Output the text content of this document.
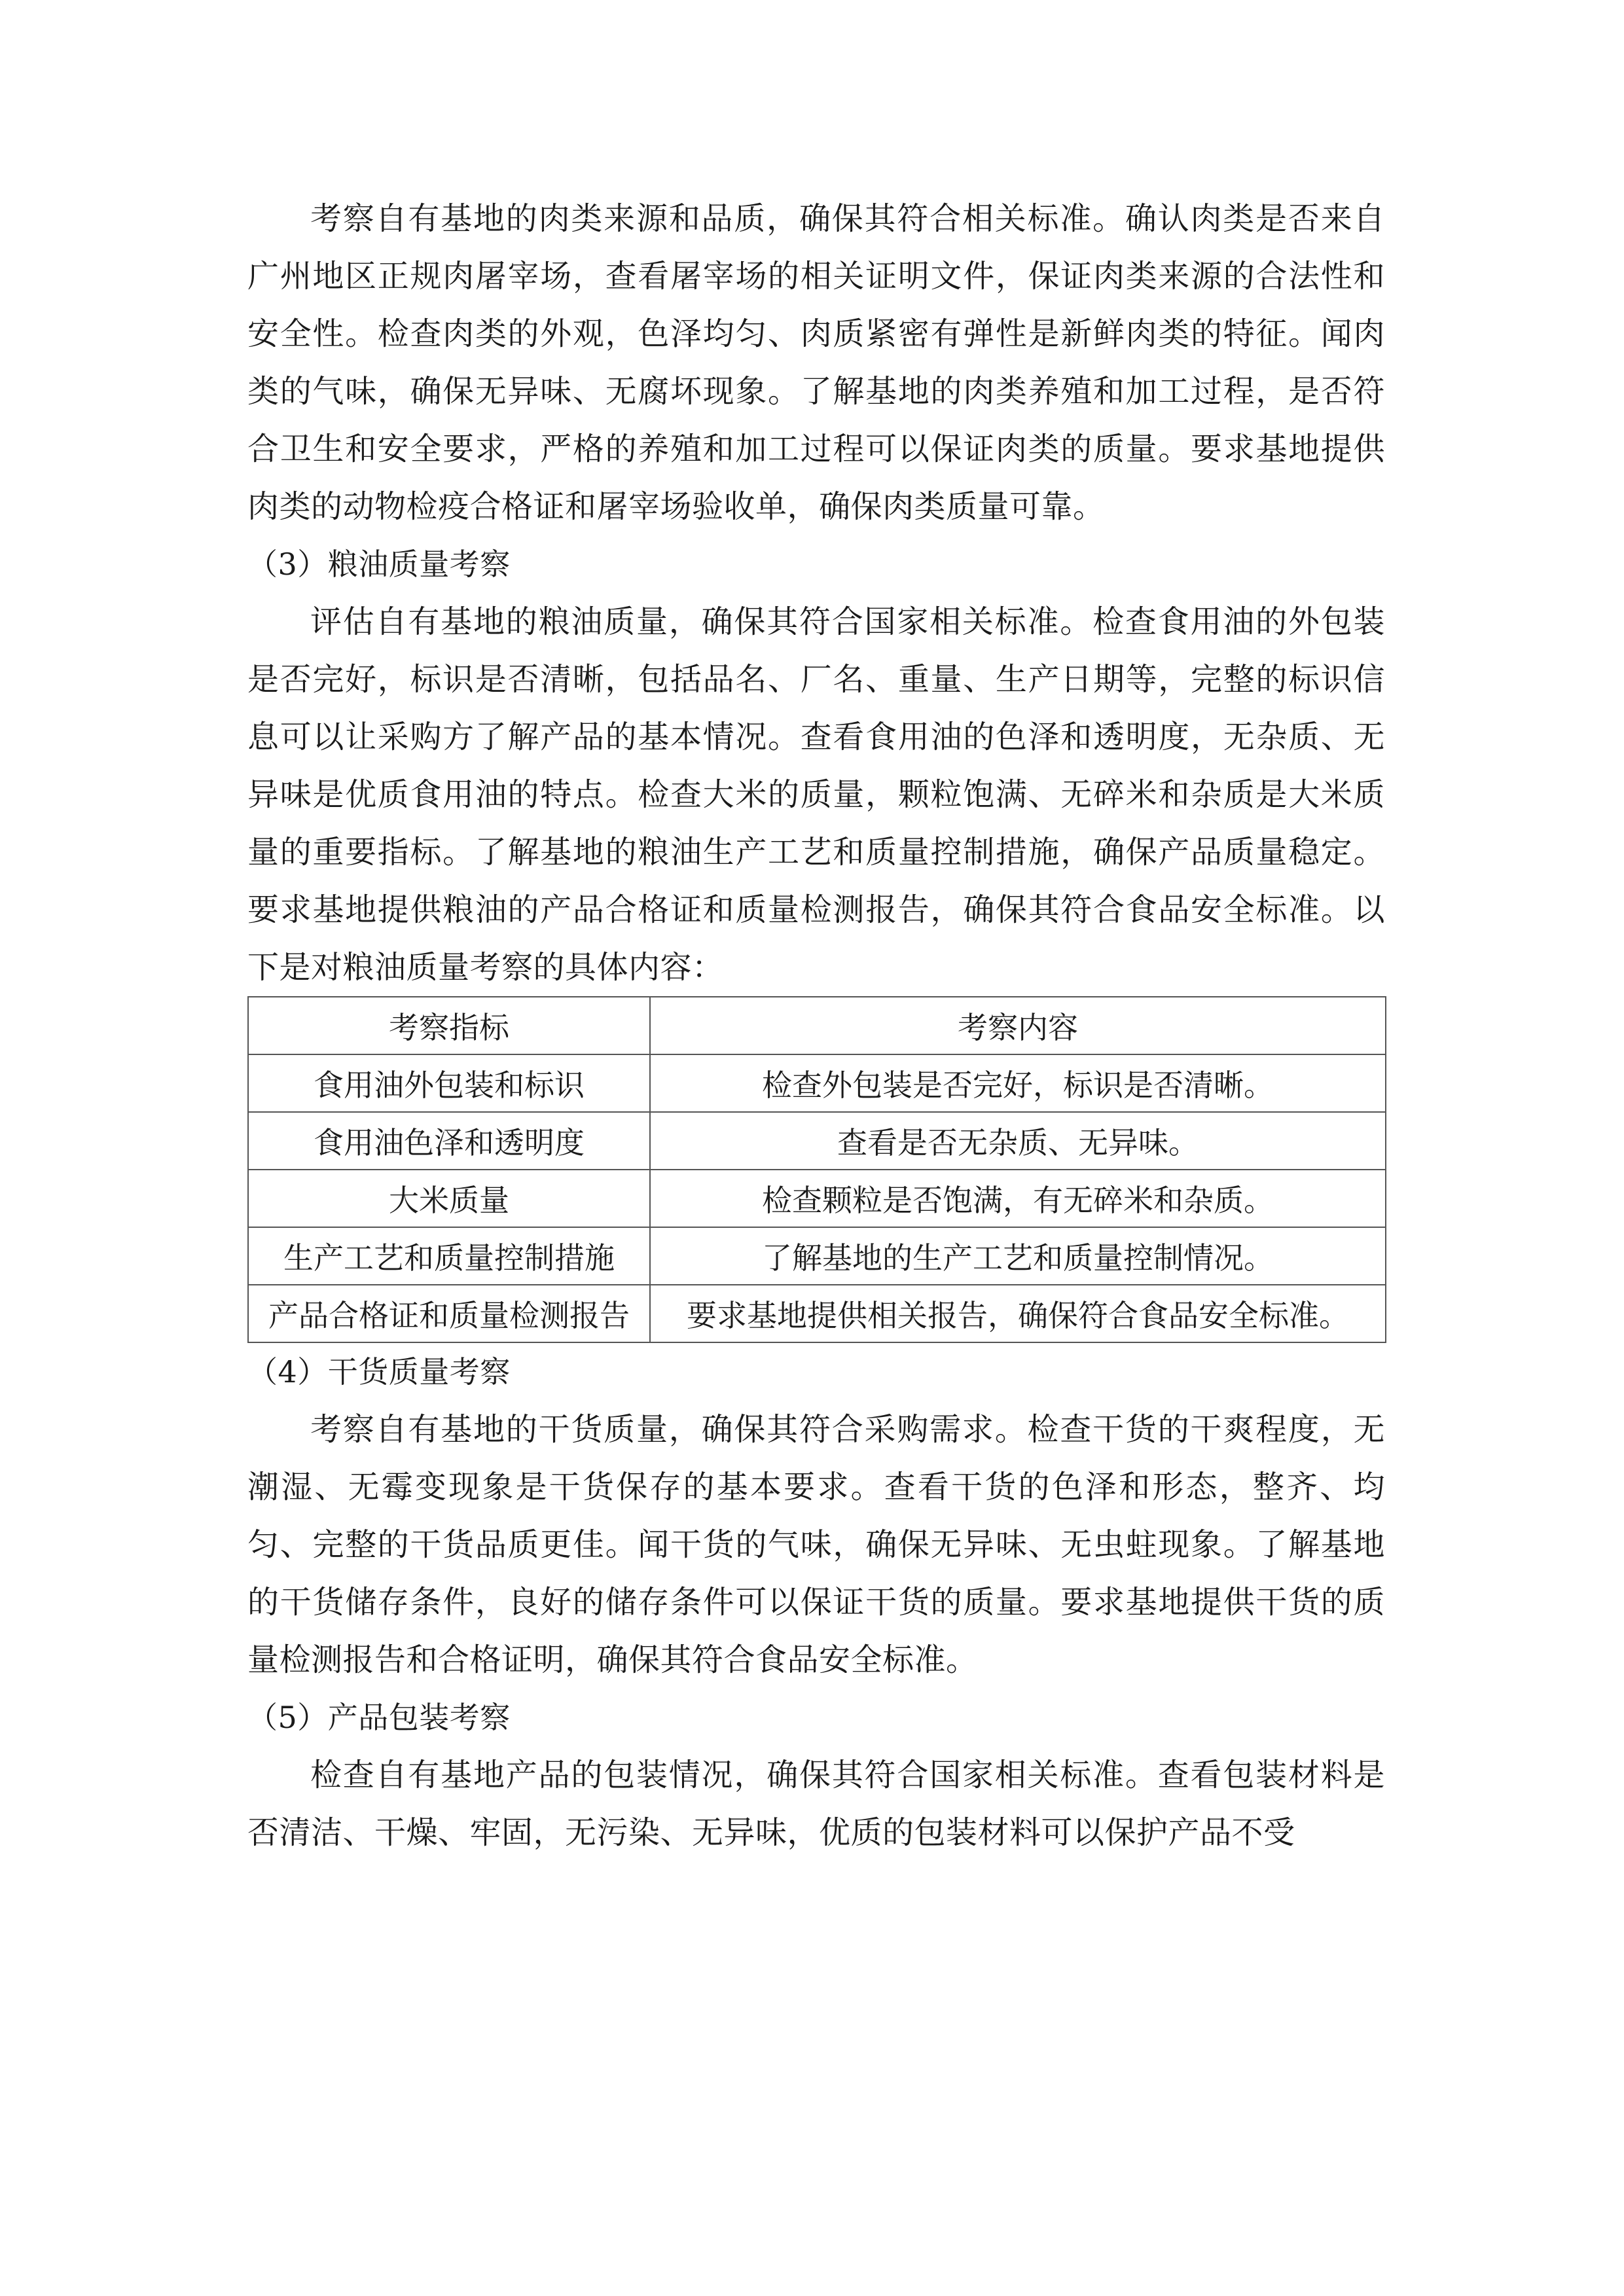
考察自有基地的肉类来源和品质，确保其符合相关标准。确认肉类是否来自广州地区正规肉屠宰场，查看屠宰场的相关证明文件，保证肉类来源的合法性和安全性。检查肉类的外观，色泽均匀、肉质紧密有弹性是新鲜肉类的特征。闻肉类的气味，确保无异味、无腐坏现象。了解基地的肉类养殖和加工过程，是否符合卫生和安全要求，严格的养殖和加工过程可以保证肉类的质量。要求基地提供肉类的动物检疫合格证和屠宰场验收单，确保肉类质量可靠。

（3）粮油质量考察

评估自有基地的粮油质量，确保其符合国家相关标准。检查食用油的外包装是否完好，标识是否清晰，包括品名、厂名、重量、生产日期等，完整的标识信息可以让采购方了解产品的基本情况。查看食用油的色泽和透明度，无杂质、无异味是优质食用油的特点。检查大米的质量，颗粒饱满、无碎米和杂质是大米质量的重要指标。了解基地的粮油生产工艺和质量控制措施，确保产品质量稳定。要求基地提供粮油的产品合格证和质量检测报告，确保其符合食品安全标准。以下是对粮油质量考察的具体内容：

考察指标	考察内容
食用油外包装和标识	检查外包装是否完好，标识是否清晰。
食用油色泽和透明度	查看是否无杂质、无异味。
大米质量	检查颗粒是否饱满，有无碎米和杂质。
生产工艺和质量控制措施	了解基地的生产工艺和质量控制情况。
产品合格证和质量检测报告	要求基地提供相关报告，确保符合食品安全标准。

（4）干货质量考察

考察自有基地的干货质量，确保其符合采购需求。检查干货的干爽程度，无潮湿、无霉变现象是干货保存的基本要求。查看干货的色泽和形态，整齐、均匀、完整的干货品质更佳。闻干货的气味，确保无异味、无虫蛀现象。了解基地的干货储存条件，良好的储存条件可以保证干货的质量。要求基地提供干货的质量检测报告和合格证明，确保其符合食品安全标准。

（5）产品包装考察

检查自有基地产品的包装情况，确保其符合国家相关标准。查看包装材料是否清洁、干燥、牢固，无污染、无异味，优质的包装材料可以保护产品不受
